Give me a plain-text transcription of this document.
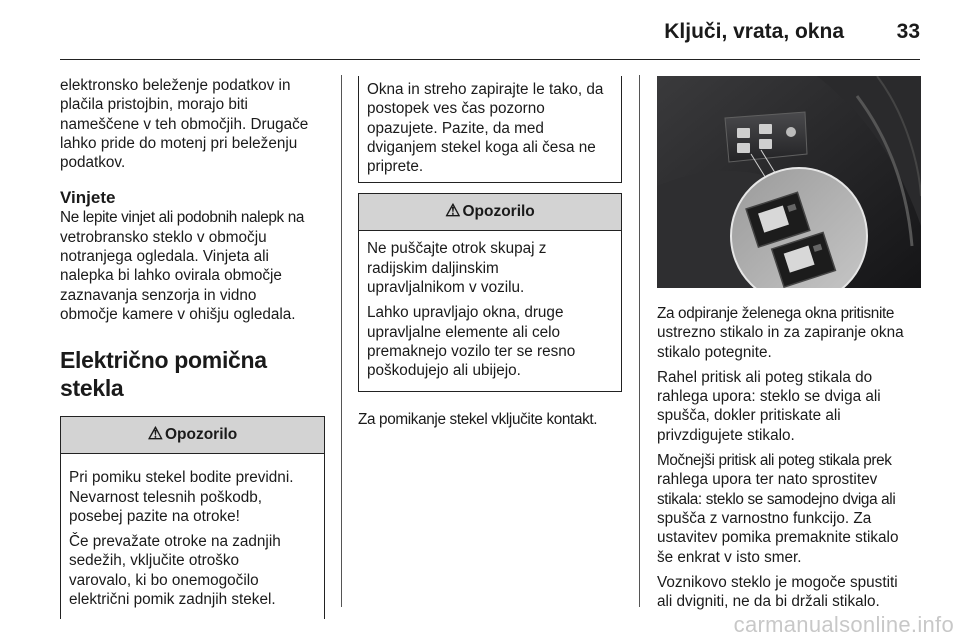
Ključi, vrata, okna	33

elektronsko beleženje podatkov in
plačila pristojbin, morajo biti
nameščene v teh območjih. Drugače
lahko pride do motenj pri beleženju
podatkov.

Vinjete

Ne lepite vinjet ali podobnih nalepk na
vetrobransko steklo v območju
notranjega ogledala. Vinjeta ali
nalepka bi lahko ovirala območje
zaznavanja senzorja in vidno
območje kamere v ohišju ogledala.

Električno pomična stekla
⚠ Opozorilo

Pri pomiku stekel bodite previdni.
Nevarnost telesnih poškodb,
posebej pazite na otroke!

Če prevažate otroke na zadnjih
sedežih, vključite otroško
varovalo, ki bo onemogočilo
električni pomik zadnjih stekel.

Okna in streho zapirajte le tako, da
postopek ves čas pozorno
opazujete. Pazite, da med
dviganjem stekel koga ali česa ne
priprete.

⚠ Opozorilo

Ne puščajte otrok skupaj z
radijskim daljinskim
upravljalnikom v vozilu.

Lahko upravljajo okna, druge
upravljalne elemente ali celo
premaknejo vozilo ter se resno
poškodujejo ali ubijejo.

Za pomikanje stekel vključite kontakt.

Za odpiranje želenega okna pritisnite
ustrezno stikalo in za zapiranje okna
stikalo potegnite.

Rahel pritisk ali poteg stikala do
rahlega upora: steklo se dviga ali
spušča, dokler pritiskate ali
privzdigujete stikalo.

Močnejši pritisk ali poteg stikala prek
rahlega upora ter nato sprostitev
stikala: steklo se samodejno dviga ali
spušča z varnostno funkcijo. Za
ustavitev pomika premaknite stikalo
še enkrat v isto smer.

Voznikovo steklo je mogoče spustiti
ali dvigniti, ne da bi držali stikalo.

carmanualsonline.info
